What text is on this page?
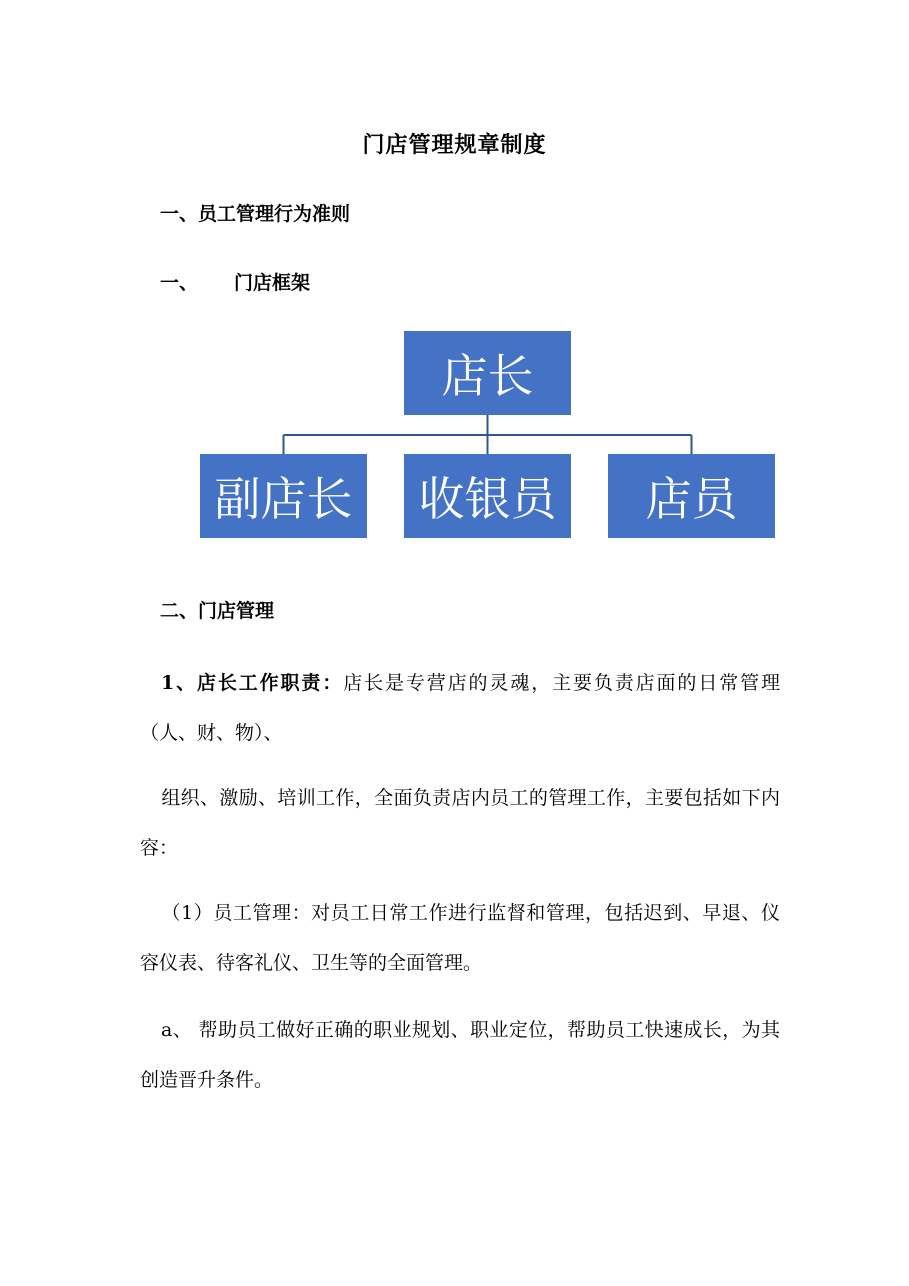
门店管理规章制度
一、员工管理行为准则
一、 门店框架
店长
副店长	收银员	店员
二、门店管理
1、店长工作职责：店长是专营店的灵魂，主要负责店面的日常管理（人、财、物）、
组织、激励、培训工作，全面负责店内员工的管理工作，主要包括如下内容：
（1）员工管理：对员工日常工作进行监督和管理，包括迟到、早退、仪容仪表、待客礼仪、卫生等的全面管理。
a、 帮助员工做好正确的职业规划、职业定位，帮助员工快速成长，为其创造晋升条件。
